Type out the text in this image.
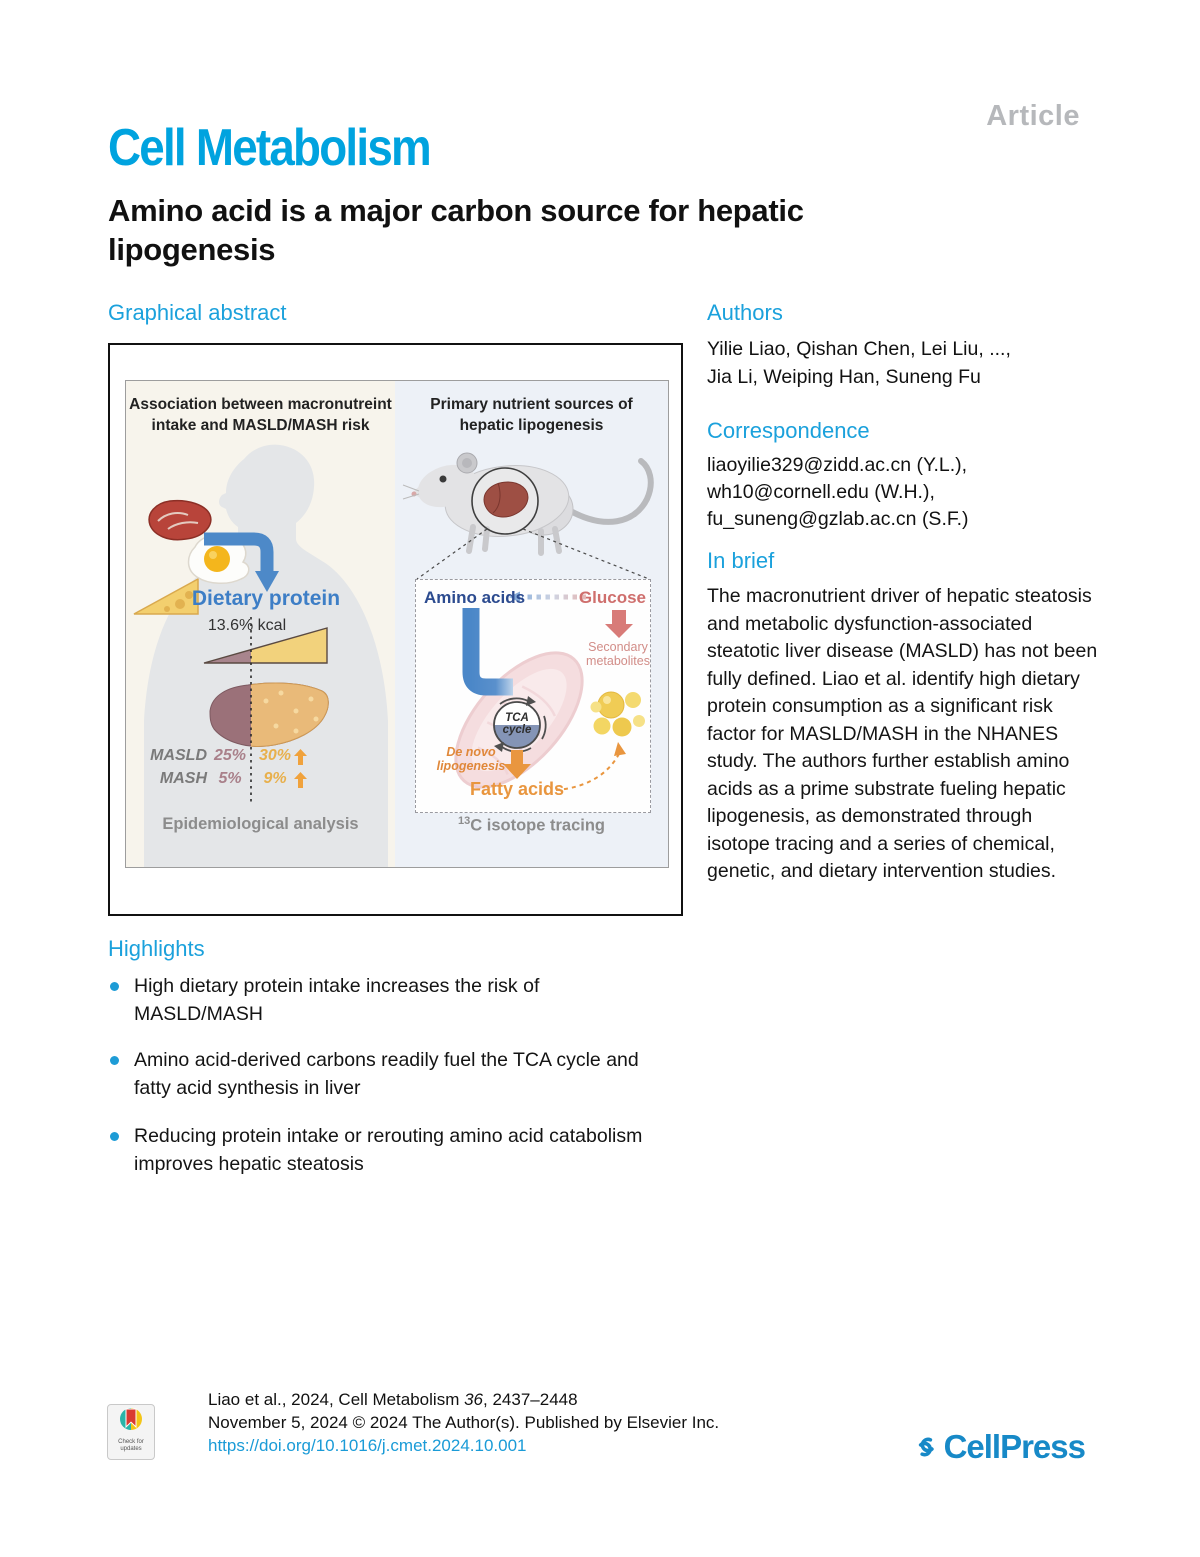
Article
Cell Metabolism
Amino acid is a major carbon source for hepatic lipogenesis
Graphical abstract
Association between macronutreint
intake and MASLD/MASH risk
Dietary protein
13.6% kcal
MASLD 25% 30%
MASH 5%	9%
Epidemiological analysis
Primary nutrient sources of
hepatic lipogenesis
Amino acids	Glucose
Secondary
metabolites
TCA
cycle
De novo
lipogenesis
Fatty acids
$^{13}$C isotope tracing
Highlights
High dietary protein intake increases the risk of MASLD/MASH
Amino acid-derived carbons readily fuel the TCA cycle and fatty acid synthesis in liver
Reducing protein intake or rerouting amino acid catabolism improves hepatic steatosis
Authors
Yilie Liao, Qishan Chen, Lei Liu, ...,
Jia Li, Weiping Han, Suneng Fu
Correspondence
liaoyilie329@zidd.ac.cn (Y.L.),
wh10@cornell.edu (W.H.),
fu_suneng@gzlab.ac.cn (S.F.)
In brief
The macronutrient driver of hepatic steatosis and metabolic dysfunction-associated steatotic liver disease (MASLD) has not been fully defined. Liao et al. identify high dietary protein consumption as a significant risk factor for MASLD/MASH in the NHANES study. The authors further establish amino acids as a prime substrate fueling hepatic lipogenesis, as demonstrated through isotope tracing and a series of chemical, genetic, and dietary intervention studies.
Check for
updates
Liao et al., 2024, Cell Metabolism 36, 2437–2448
November 5, 2024 © 2024 The Author(s). Published by Elsevier Inc.
https://doi.org/10.1016/j.cmet.2024.10.001	CellPress
